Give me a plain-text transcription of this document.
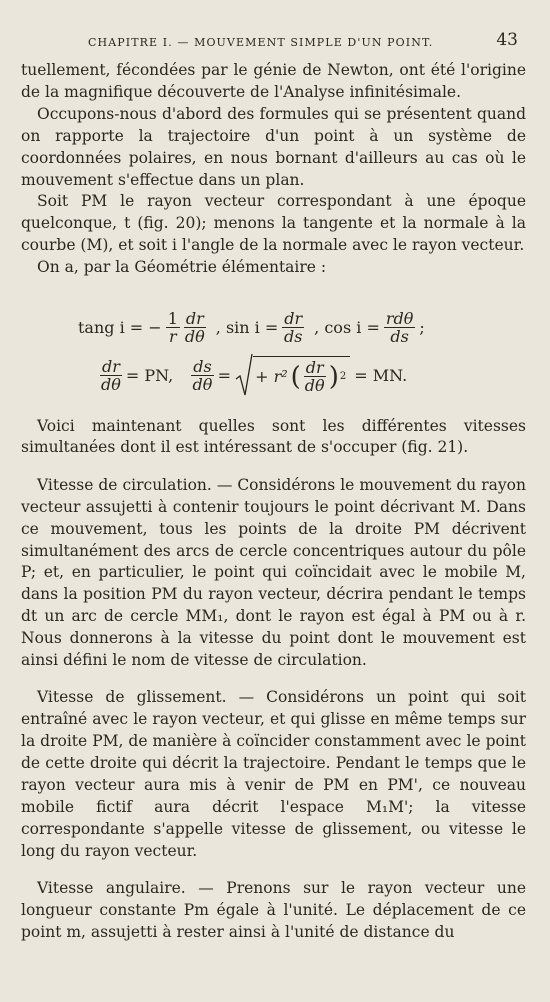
CHAPITRE I. — MOUVEMENT SIMPLE D'UN POINT.	43

tuellement, fécondées par le génie de Newton, ont été l'origine de la magnifique découverte de l'Analyse infinitésimale.

Occupons-nous d'abord des formules qui se présentent quand on rapporte la trajectoire d'un point à un système de coordonnées polaires, en nous bornant d'ailleurs au cas où le mouvement s'effectue dans un plan.

Soit PM le rayon vecteur correspondant à une époque quelconque, t (fig. 20); menons la tangente et la normale à la courbe (M), et soit i l'angle de la normale avec le rayon vecteur.

On a, par la Géométrie élémentaire :

tang i = − $\frac{1}{r} \frac{dr}{d\theta}$ , $\sin i = \frac{dr}{ds}$ , $\cos i = \frac{\text{rdθ}}{ds}$ ;
$\frac{dr}{d\theta}$ = PN, $\frac{ds}{d\theta}$ = + r² ( $\frac{dr}{d\theta}$ ) 2 = MN.

Voici maintenant quelles sont les différentes vitesses simultanées dont il est intéressant de s'occuper (fig. 21).

Vitesse de circulation. — Considérons le mouvement du rayon vecteur assujetti à contenir toujours le point décrivant M. Dans ce mouvement, tous les points de la droite PM décrivent simultanément des arcs de cercle concentriques autour du pôle P; et, en particulier, le point qui coïncidait avec le mobile M, dans la position PM du rayon vecteur, décrira pendant le temps dt un arc de cercle MM₁, dont le rayon est égal à PM ou à r. Nous donnerons à la vitesse du point dont le mouvement est ainsi défini le nom de vitesse de circulation.

Vitesse de glissement. — Considérons un point qui soit entraîné avec le rayon vecteur, et qui glisse en même temps sur la droite PM, de manière à coïncider constamment avec le point de cette droite qui décrit la trajectoire. Pendant le temps que le rayon vecteur aura mis à venir de PM en PM', ce nouveau mobile fictif aura décrit l'espace M₁M'; la vitesse correspondante s'appelle vitesse de glissement, ou vitesse le long du rayon vecteur.

Vitesse angulaire. — Prenons sur le rayon vecteur une longueur constante Pm égale à l'unité. Le déplacement de ce point m, assujetti à rester ainsi à l'unité de distance du
